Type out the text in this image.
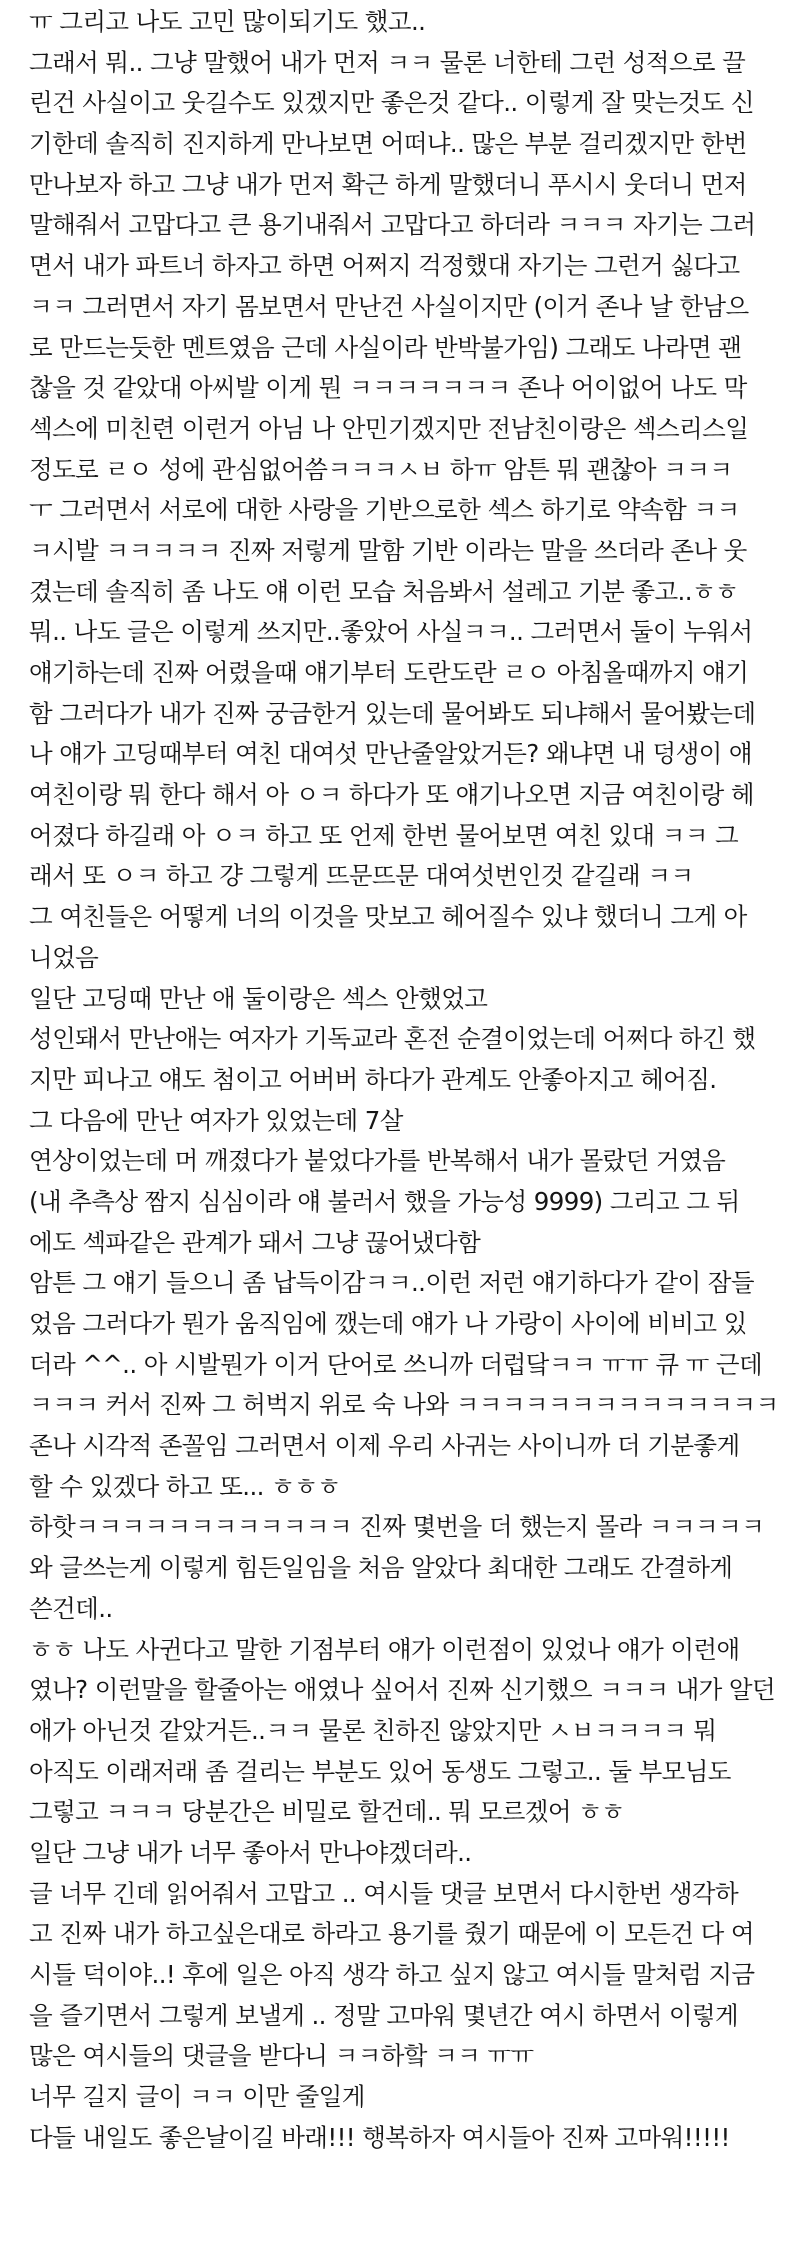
ㅠ 그리고 나도 고민 많이되기도 했고..
그래서 뭐.. 그냥 말했어 내가 먼저 ㅋㅋ 물론 너한테 그런 성적으로 끌
린건 사실이고 웃길수도 있겠지만 좋은것 같다.. 이렇게 잘 맞는것도 신
기한데 솔직히 진지하게 만나보면 어떠냐.. 많은 부분 걸리겠지만 한번
만나보자 하고 그냥 내가 먼저 확근 하게 말했더니 푸시시 웃더니 먼저
말해줘서 고맙다고 큰 용기내줘서 고맙다고 하더라 ㅋㅋㅋ 자기는 그러
면서 내가 파트너 하자고 하면 어쩌지 걱정했대 자기는 그런거 싫다고
ㅋㅋ 그러면서 자기 몸보면서 만난건 사실이지만 (이거 존나 날 한남으
로 만드는듯한 멘트였음 근데 사실이라 반박불가임) 그래도 나라면 괜
찮을 것 같았대 아씨발 이게 뭔 ㅋㅋㅋㅋㅋㅋㅋ 존나 어이없어 나도 막
섹스에 미친련 이런거 아님 나 안민기겠지만 전남친이랑은 섹스리스일
정도로 ㄹㅇ 성에 관심없어씀ㅋㅋㅋㅅㅂ 하ㅠ 암튼 뭐 괜찮아 ㅋㅋㅋ
ㅜ 그러면서 서로에 대한 사랑을 기반으로한 섹스 하기로 약속함 ㅋㅋ
ㅋ시발 ㅋㅋㅋㅋㅋ 진짜 저렇게 말함 기반 이라는 말을 쓰더라 존나 웃
겼는데 솔직히 좀 나도 얘 이런 모습 처음봐서 설레고 기분 좋고..ㅎㅎ
뭐.. 나도 글은 이렇게 쓰지만..좋았어 사실ㅋㅋ.. 그러면서 둘이 누워서
얘기하는데 진짜 어렸을때 얘기부터 도란도란 ㄹㅇ 아침올때까지 얘기
함 그러다가 내가 진짜 궁금한거 있는데 물어봐도 되냐해서 물어봤는데
나 얘가 고딩때부터 여친 대여섯 만난줄알았거든? 왜냐면 내 덩생이 얘
여친이랑 뭐 한다 해서 아 ㅇㅋ 하다가 또 얘기나오면 지금 여친이랑 헤
어졌다 하길래 아 ㅇㅋ 하고 또 언제 한번 물어보면 여친 있대 ㅋㅋ 그
래서 또 ㅇㅋ 하고 걍 그렇게 뜨문뜨문 대여섯번인것 같길래 ㅋㅋ
그 여친들은 어떻게 너의 이것을 맛보고 헤어질수 있냐 했더니 그게 아
니었음
일단 고딩때 만난 애 둘이랑은 섹스 안했었고
성인돼서 만난애는 여자가 기독교라 혼전 순결이었는데 어쩌다 하긴 했
지만 피나고 얘도 첨이고 어버버 하다가 관계도 안좋아지고 헤어짐.
그 다음에 만난 여자가 있었는데 7살
연상이었는데 머 깨졌다가 붙었다가를 반복해서 내가 몰랐던 거였음
(내 추측상 짬지 심심이라 얘 불러서 했을 가능성 9999) 그리고 그 뒤
에도 섹파같은 관계가 돼서 그냥 끊어냈다함
암튼 그 얘기 들으니 좀 납득이감ㅋㅋ..이런 저런 얘기하다가 같이 잠들
었음 그러다가 뭔가 움직임에 깼는데 얘가 나 가랑이 사이에 비비고 있
더라 ^^.. 아 시발뭔가 이거 단어로 쓰니까 더럽닼ㅋㅋ ㅠㅠ 큐 ㅠ 근데
ㅋㅋㅋ 커서 진짜 그 허벅지 위로 숙 나와 ㅋㅋㅋㅋㅋㅋㅋㅋㅋㅋㅋㅋㅋㅋ
존나 시각적 존꼴임 그러면서 이제 우리 사귀는 사이니까 더 기분좋게
할 수 있겠다 하고 또... ㅎㅎㅎ
하핫ㅋㅋㅋㅋㅋㅋㅋㅋㅋㅋㅋㅋ 진짜 몇번을 더 했는지 몰라 ㅋㅋㅋㅋㅋ
와 글쓰는게 이렇게 힘든일임을 처음 알았다 최대한 그래도 간결하게
쓴건데..
ㅎㅎ 나도 사귄다고 말한 기점부터 얘가 이런점이 있었나 얘가 이런애
였나? 이런말을 할줄아는 애였나 싶어서 진짜 신기했으 ㅋㅋㅋ 내가 알던
애가 아닌것 같았거든..ㅋㅋ 물론 친하진 않았지만 ㅅㅂㅋㅋㅋㅋ 뭐
아직도 이래저래 좀 걸리는 부분도 있어 동생도 그렇고.. 둘 부모님도
그렇고 ㅋㅋㅋ 당분간은 비밀로 할건데.. 뭐 모르겠어 ㅎㅎ
일단 그냥 내가 너무 좋아서 만나야겠더라..
글 너무 긴데 읽어줘서 고맙고 .. 여시들 댓글 보면서 다시한번 생각하
고 진짜 내가 하고싶은대로 하라고 용기를 줬기 때문에 이 모든건 다 여
시들 덕이야..! 후에 일은 아직 생각 하고 싶지 않고 여시들 말처럼 지금
을 즐기면서 그렇게 보낼게 .. 정말 고마워 몇년간 여시 하면서 이렇게
많은 여시들의 댓글을 받다니 ㅋㅋ하핰 ㅋㅋ ㅠㅠ
너무 길지 글이 ㅋㅋ 이만 줄일게
다들 내일도 좋은날이길 바래!!! 행복하자 여시들아 진짜 고마워!!!!!
